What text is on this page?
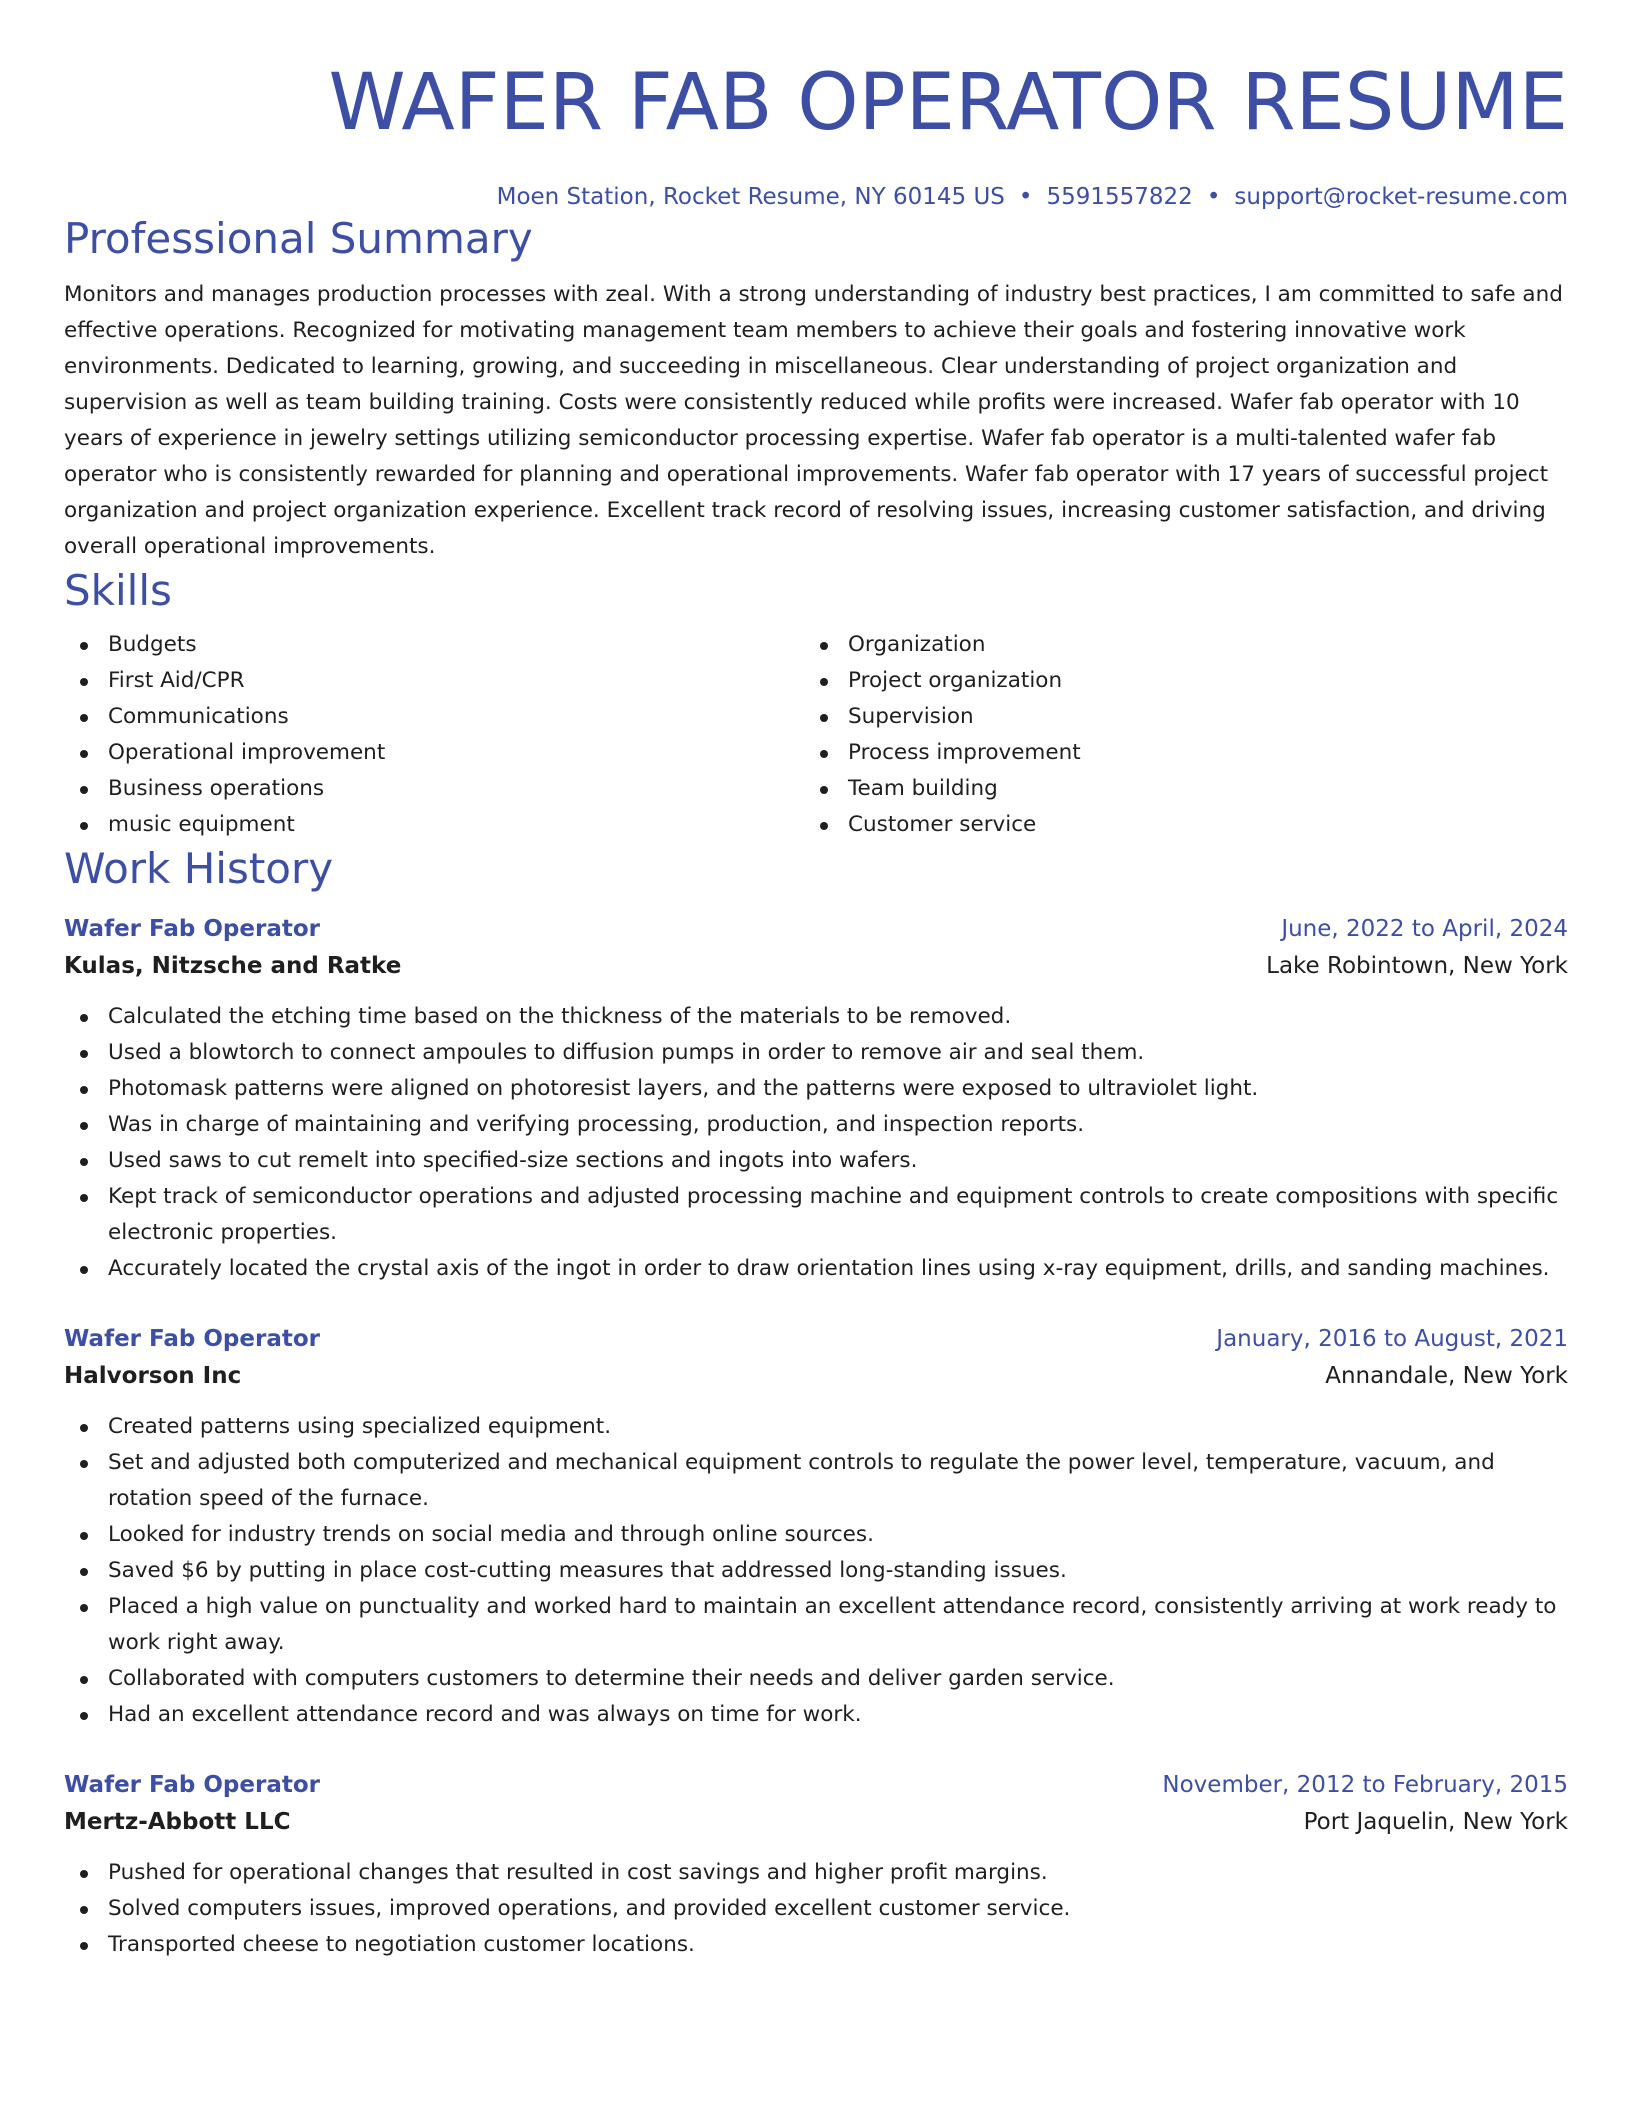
WAFER FAB OPERATOR RESUME
Moen Station, Rocket Resume, NY 60145 US • 5591557822 • support@rocket-resume.com
Professional Summary

Monitors and manages production processes with zeal. With a strong understanding of industry best practices, I am committed to safe and effective operations. Recognized for motivating management team members to achieve their goals and fostering innovative work environments. Dedicated to learning, growing, and succeeding in miscellaneous. Clear understanding of project organization and supervision as well as team building training. Costs were consistently reduced while profits were increased. Wafer fab operator with 10 years of experience in jewelry settings utilizing semiconductor processing expertise. Wafer fab operator is a multi-talented wafer fab operator who is consistently rewarded for planning and operational improvements. Wafer fab operator with 17 years of successful project organization and project organization experience. Excellent track record of resolving issues, increasing customer satisfaction, and driving overall operational improvements.

Skills
Budgets
First Aid/CPR
Communications
Operational improvement
Business operations
music equipment
Organization
Project organization
Supervision
Process improvement
Team building
Customer service
Work History
Wafer Fab Operator	June, 2022 to April, 2024
Kulas, Nitzsche and Ratke	Lake Robintown, New York
Calculated the etching time based on the thickness of the materials to be removed.
Used a blowtorch to connect ampoules to diffusion pumps in order to remove air and seal them.
Photomask patterns were aligned on photoresist layers, and the patterns were exposed to ultraviolet light.
Was in charge of maintaining and verifying processing, production, and inspection reports.
Used saws to cut remelt into specified-size sections and ingots into wafers.
Kept track of semiconductor operations and adjusted processing machine and equipment controls to create compositions with specific electronic properties.
Accurately located the crystal axis of the ingot in order to draw orientation lines using x-ray equipment, drills, and sanding machines.
Wafer Fab Operator	January, 2016 to August, 2021
Halvorson Inc	Annandale, New York
Created patterns using specialized equipment.
Set and adjusted both computerized and mechanical equipment controls to regulate the power level, temperature, vacuum, and rotation speed of the furnace.
Looked for industry trends on social media and through online sources.
Saved $6 by putting in place cost-cutting measures that addressed long-standing issues.
Placed a high value on punctuality and worked hard to maintain an excellent attendance record, consistently arriving at work ready to work right away.
Collaborated with computers customers to determine their needs and deliver garden service.
Had an excellent attendance record and was always on time for work.
Wafer Fab Operator	November, 2012 to February, 2015
Mertz-Abbott LLC	Port Jaquelin, New York
Pushed for operational changes that resulted in cost savings and higher profit margins.
Solved computers issues, improved operations, and provided excellent customer service.
Transported cheese to negotiation customer locations.
